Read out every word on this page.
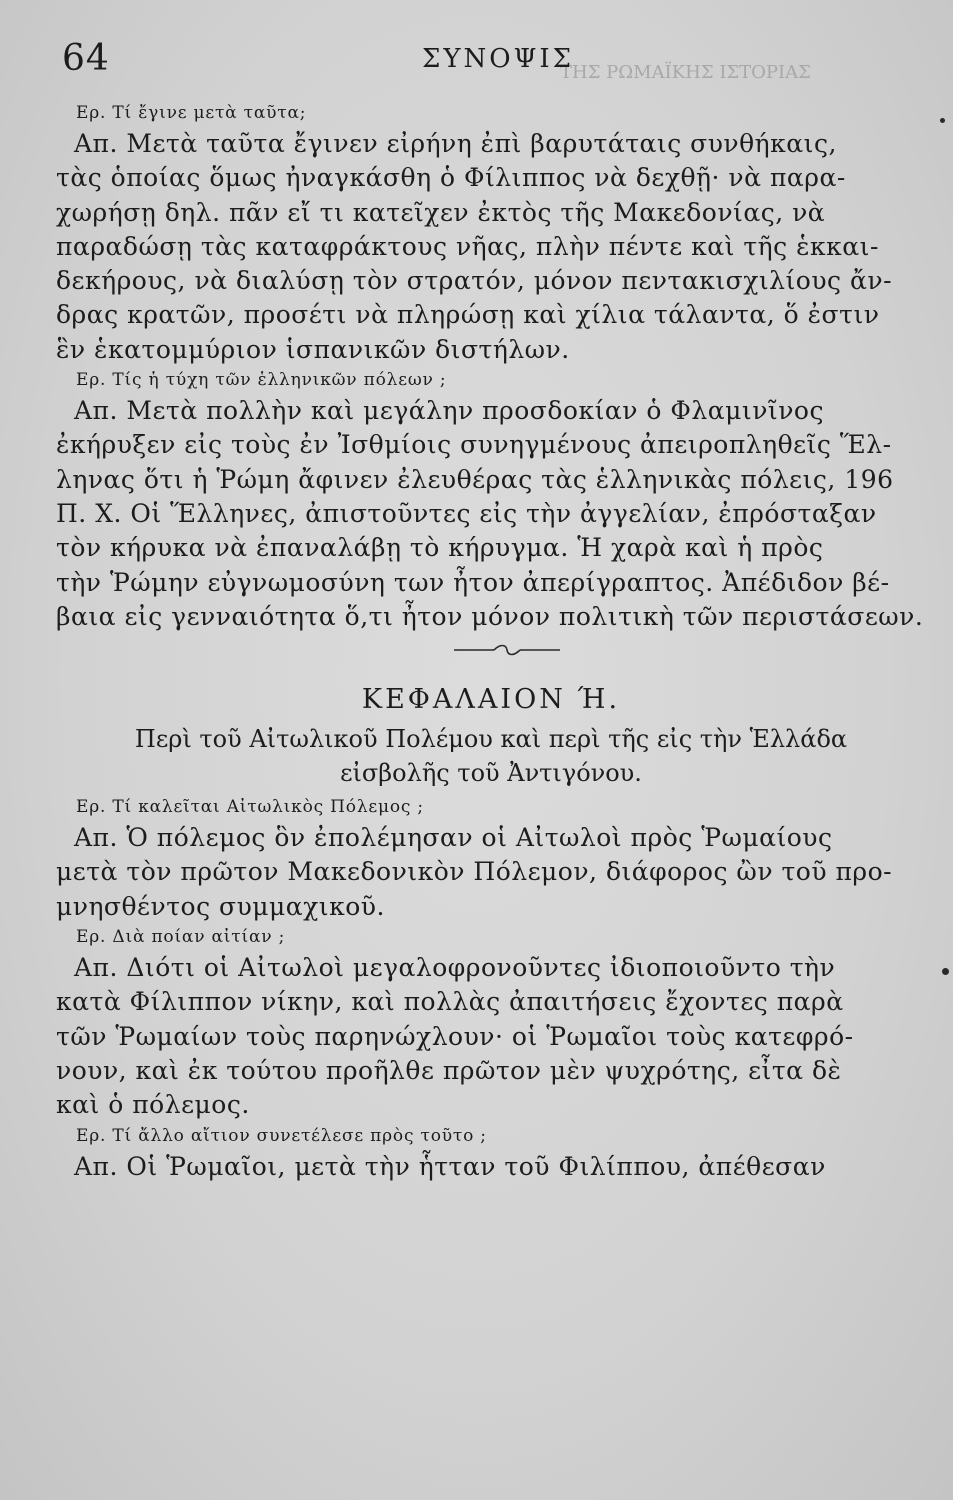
ΤΗΣ ΡΩΜΑΪΚΗΣ ΙΣΤΟΡΙΑΣ
64	ΣΥΝΟΨΙΣ
Ερ. Τί ἔγινε μετὰ ταῦτα;
Απ. Μετὰ ταῦτα ἔγινεν εἰρήνη ἐπὶ βαρυτάταις συνθήκαις,
τὰς ὁποίας ὅμως ἠναγκάσθη ὁ Φίλιππος νὰ δεχθῇ· νὰ παρα-
χωρήσῃ δηλ. πᾶν εἴ τι κατεῖχεν ἐκτὸς τῆς Μακεδονίας, νὰ
παραδώσῃ τὰς καταφράκτους νῆας, πλὴν πέντε καὶ τῆς ἑκκαι-
δεκήρους, νὰ διαλύσῃ τὸν στρατόν, μόνον πεντακισχιλίους ἄν-
δρας κρατῶν, προσέτι νὰ πληρώσῃ καὶ χίλια τάλαντα, ὅ ἐστιν
ἓν ἑκατομμύριον ἱσπανικῶν διστήλων.
Ερ. Τίς ἡ τύχη τῶν ἑλληνικῶν πόλεων ;
Απ. Μετὰ πολλὴν καὶ μεγάλην προσδοκίαν ὁ Φλαμινῖνος
ἐκήρυξεν εἰς τοὺς ἐν Ἰσθμίοις συνηγμένους ἀπειροπληθεῖς Ἕλ-
ληνας ὅτι ἡ Ῥώμη ἄφινεν ἐλευθέρας τὰς ἑλληνικὰς πόλεις, 196
Π. Χ. Οἱ Ἕλληνες, ἀπιστοῦντες εἰς τὴν ἀγγελίαν, ἐπρόσταξαν
τὸν κήρυκα νὰ ἐπαναλάβῃ τὸ κήρυγμα. Ἡ χαρὰ καὶ ἡ πρὸς
τὴν Ῥώμην εὐγνωμοσύνη των ἦτον ἀπερίγραπτος. Ἀπέδιδον βέ-
βαια εἰς γενναιότητα ὅ,τι ἦτον μόνον πολιτικὴ τῶν περιστάσεων.
ΚΕΦΑΛΑΙΟΝ Ή.
Περὶ τοῦ Αἰτωλικοῦ Πολέμου καὶ περὶ τῆς εἰς τὴν Ἑλλάδα
εἰσβολῆς τοῦ Ἀντιγόνου.
Ερ. Τί καλεῖται Αἰτωλικὸς Πόλεμος ;
Απ. Ὁ πόλεμος ὃν ἐπολέμησαν οἱ Αἰτωλοὶ πρὸς Ῥωμαίους
μετὰ τὸν πρῶτον Μακεδονικὸν Πόλεμον, διάφορος ὢν τοῦ προ-
μνησθέντος συμμαχικοῦ.
Ερ. Διὰ ποίαν αἰτίαν ;
Απ. Διότι οἱ Αἰτωλοὶ μεγαλοφρονοῦντες ἰδιοποιοῦντο τὴν
κατὰ Φίλιππον νίκην, καὶ πολλὰς ἀπαιτήσεις ἔχοντες παρὰ
τῶν Ῥωμαίων τοὺς παρηνώχλουν· οἱ Ῥωμαῖοι τοὺς κατεφρό-
νουν, καὶ ἐκ τούτου προῆλθε πρῶτον μὲν ψυχρότης, εἶτα δὲ
καὶ ὁ πόλεμος.
Ερ. Τί ἄλλο αἴτιον συνετέλεσε πρὸς τοῦτο ;
Απ. Οἱ Ῥωμαῖοι, μετὰ τὴν ἧτταν τοῦ Φιλίππου, ἀπέθεσαν
